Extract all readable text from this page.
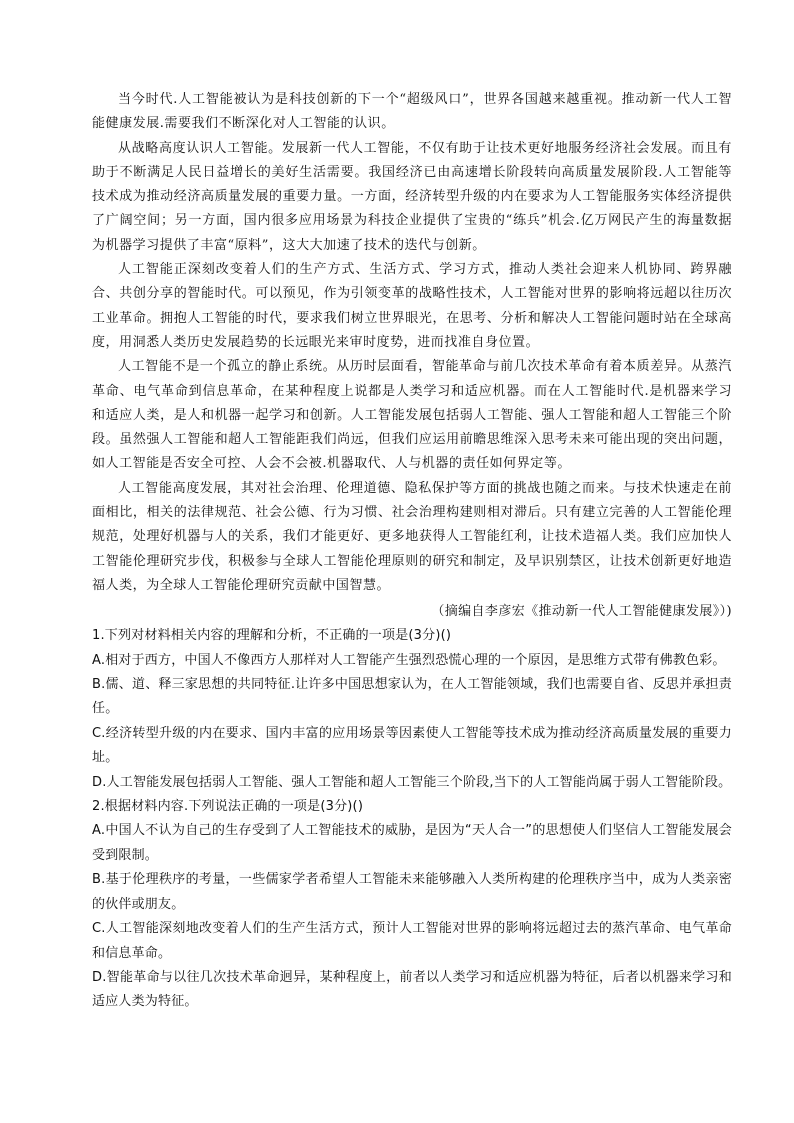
当今时代.人工智能被认为是科技创新的下一个“超级风口”，世界各国越来越重视。推动新一代人工智能健康发展.需要我们不断深化对人工智能的认识。

从战略高度认识人工智能。发展新一代人工智能，不仅有助于让技术更好地服务经济社会发展。而且有助于不断满足人民日益增长的美好生活需要。我国经济已由高速增长阶段转向高质量发展阶段.人工智能等技术成为推动经济高质量发展的重要力量。一方面，经济转型升级的内在要求为人工智能服务实体经济提供了广阔空间；另一方面，国内很多应用场景为科技企业提供了宝贵的“练兵”机会.亿万网民产生的海量数据为机器学习提供了丰富“原料”，这大大加速了技术的迭代与创新。

人工智能正深刻改变着人们的生产方式、生活方式、学习方式，推动人类社会迎来人机协同、跨界融合、共创分享的智能时代。可以预见，作为引领变革的战略性技术，人工智能对世界的影响将远超以往历次工业革命。拥抱人工智能的时代，要求我们树立世界眼光，在思考、分析和解决人工智能问题时站在全球高度，用洞悉人类历史发展趋势的长远眼光来审时度势，进而找准自身位置。

人工智能不是一个孤立的静止系统。从历时层面看，智能革命与前几次技术革命有着本质差异。从蒸汽革命、电气革命到信息革命，在某种程度上说都是人类学习和适应机器。而在人工智能时代.是机器来学习和适应人类，是人和机器一起学习和创新。人工智能发展包括弱人工智能、强人工智能和超人工智能三个阶段。虽然强人工智能和超人工智能距我们尚远，但我们应运用前瞻思维深入思考未来可能出现的突出问题，如人工智能是否安全可控、人会不会被.机器取代、人与机器的责任如何界定等。

人工智能高度发展，其对社会治理、伦理道德、隐私保护等方面的挑战也随之而来。与技术快速走在前面相比，相关的法律规范、社会公德、行为习惯、社会治理构建则相对滞后。只有建立完善的人工智能伦理规范，处理好机器与人的关系，我们才能更好、更多地获得人工智能红利，让技术造福人类。我们应加快人工智能伦理研究步伐，积极参与全球人工智能伦理原则的研究和制定，及早识别禁区，让技术创新更好地造福人类，为全球人工智能伦理研究贡献中国智慧。

（摘编自李彦宏《推动新一代人工智能健康发展》）)

1.下列对材料相关内容的理解和分析，不正确的一项是(3分)()

A.相对于西方，中国人不像西方人那样对人工智能产生强烈恐慌心理的一个原因，是思维方式带有佛教色彩。

B.儒、道、释三家思想的共同特征.让许多中国思想家认为，在人工智能领域，我们也需要自省、反思并承担责任。

C.经济转型升级的内在要求、国内丰富的应用场景等因素使人工智能等技术成为推动经济高质量发展的重要力址。

D.人工智能发展包括弱人工智能、强人工智能和超人工智能三个阶段,当下的人工智能尚属于弱人工智能阶段。

2.根据材料内容.下列说法正确的一项是(3分)()

A.中国人不认为自己的生存受到了人工智能技术的威胁，是因为“天人合一”的思想使人们坚信人工智能发展会受到限制。

B.基于伦理秩序的考量，一些儒家学者希望人工智能未来能够融入人类所构建的伦理秩序当中，成为人类亲密的伙伴或朋友。

C.人工智能深刻地改变着人们的生产生活方式，预计人工智能对世界的影响将远超过去的蒸汽革命、电气革命和信息革命。

D.智能革命与以往几次技术革命迥异，某种程度上，前者以人类学习和适应机器为特征，后者以机器来学习和适应人类为特征。
